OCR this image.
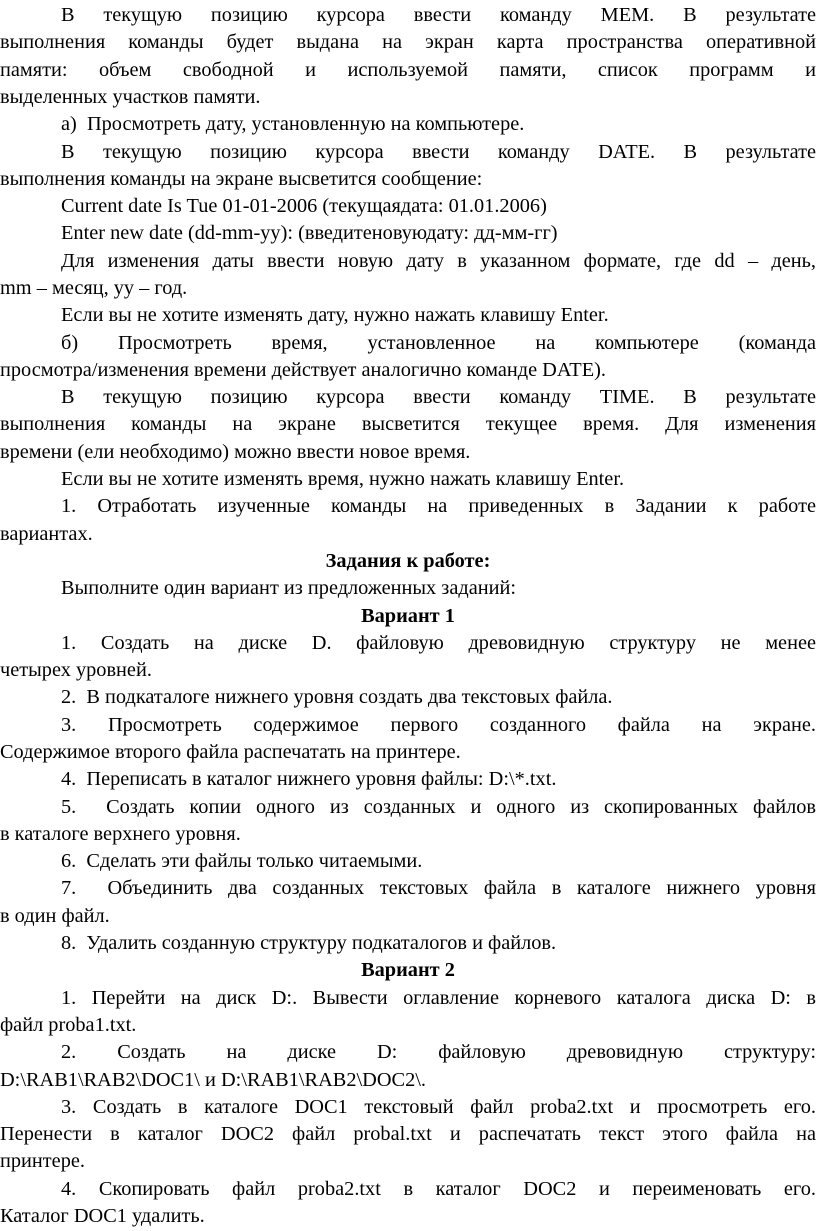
В текущую позицию курсора ввести команду MEM. В результате
выполнения команды будет выдана на экран карта пространства оперативной
памяти: объем свободной и используемой памяти, список программ и
выделенных участков памяти.
а)  Просмотреть дату, установленную на компьютере.
В текущую позицию курсора ввести команду DATE. В результате
выполнения команды на экране высветится сообщение:
Current date Is Tue 01-01-2006 (текущаядата: 01.01.2006)
Enter new date (dd-mm-yy): (введитеновуюдату: дд-мм-гг)
Для изменения даты ввести новую дату в указанном формате, где dd – день,
mm – месяц, yy – год.
Если вы не хотите изменять дату, нужно нажать клавишу Enter.
б) Просмотреть время, установленное на компьютере (команда
просмотра/изменения времени действует аналогично команде DATE).
В текущую позицию курсора ввести команду TIME. В результате
выполнения команды на экране высветится текущее время. Для изменения
времени (ели необходимо) можно ввести новое время.
Если вы не хотите изменять время, нужно нажать клавишу Enter.
1. Отработать изученные команды на приведенных в Задании к работе
вариантах.
Задания к работе:
Выполните один вариант из предложенных заданий:
Вариант 1
1. Создать на диске D. файловую древовидную структуру не менее
четырех уровней.
2.  В подкаталоге нижнего уровня создать два текстовых файла.
3. Просмотреть содержимое первого созданного файла на экране.
Содержимое второго файла распечатать на принтере.
4.  Переписать в каталог нижнего уровня файлы: D:\*.txt.
5.  Создать копии одного из созданных и одного из скопированных файлов
в каталоге верхнего уровня.
6.  Сделать эти файлы только читаемыми.
7.  Объединить два созданных текстовых файла в каталоге нижнего уровня
в один файл.
8.  Удалить созданную структуру подкаталогов и файлов.
Вариант 2
1. Перейти на диск D:. Вывести оглавление корневого каталога диска D: в
файл proba1.txt.
2. Создать на диске D: файловую древовидную структуру:
D:\RAB1\RAB2\DOC1\ и D:\RAB1\RAB2\DOC2\.
3. Создать в каталоге DOC1 текстовый файл proba2.txt и просмотреть его.
Перенести в каталог DOC2 файл probal.txt и распечатать текст этого файла на
принтере.
4. Скопировать файл proba2.txt в каталог DOC2 и переименовать его.
Каталог DOC1 удалить.
